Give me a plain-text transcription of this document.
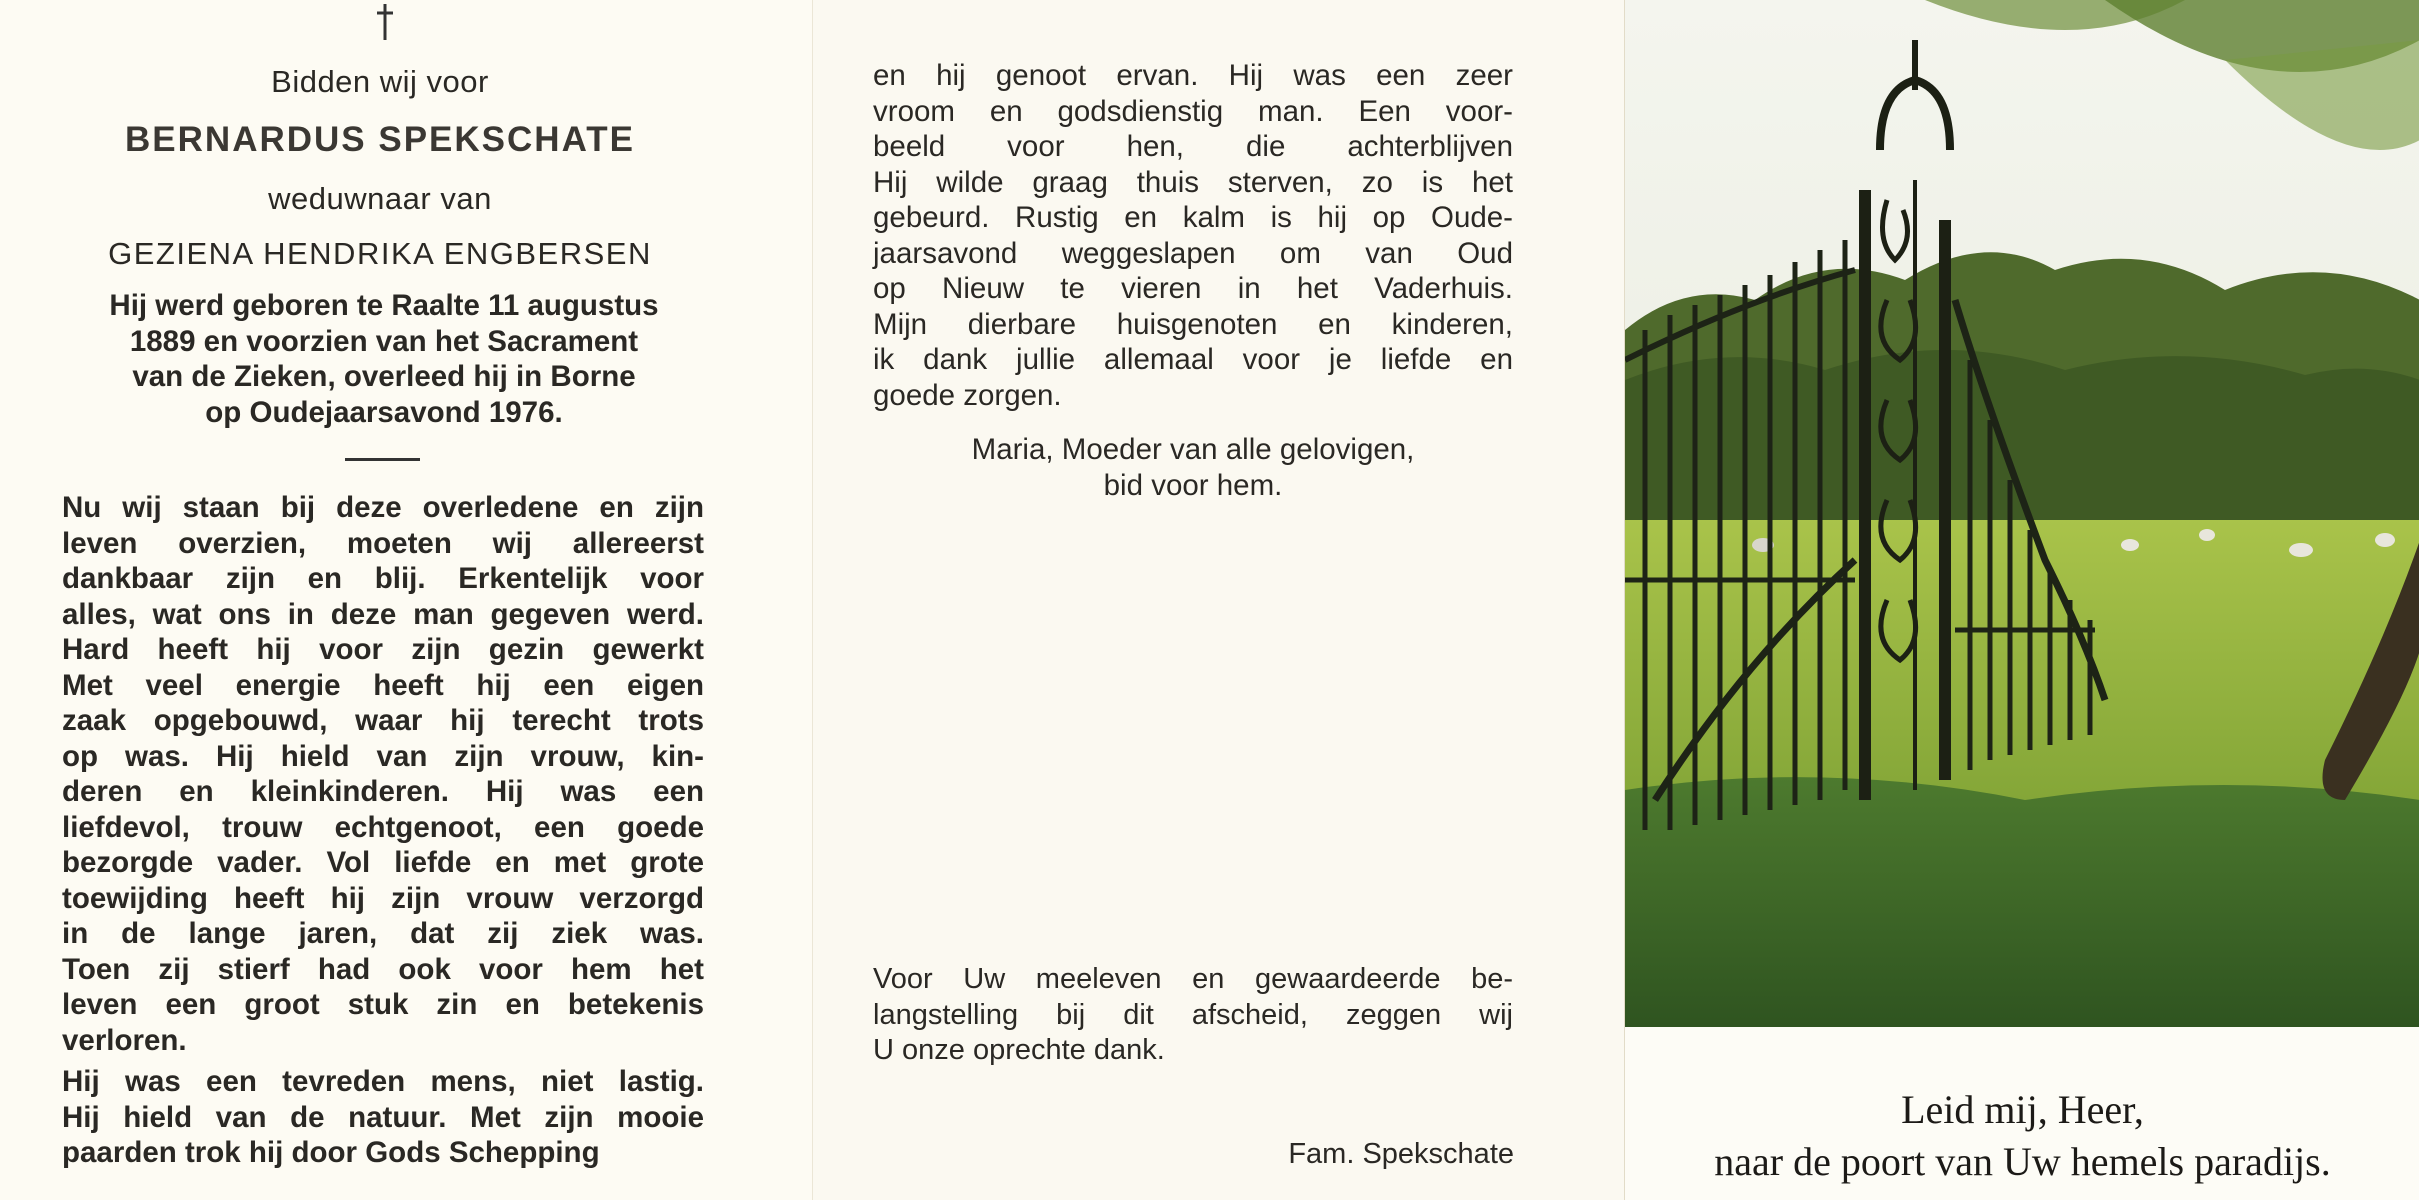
Bidden wij voor
BERNARDUS SPEKSCHATE
weduwnaar van
GEZIENA HENDRIKA ENGBERSEN
Hij werd geboren te Raalte 11 augustus
1889 en voorzien van het Sacrament
van de Zieken, overleed hij in Borne
op Oudejaarsavond 1976.
Nu wij staan bij deze overledene en zijn
leven overzien, moeten wij allereerst
dankbaar zijn en blij. Erkentelijk voor
alles, wat ons in deze man gegeven werd.
Hard heeft hij voor zijn gezin gewerkt
Met veel energie heeft hij een eigen
zaak opgebouwd, waar hij terecht trots
op was. Hij hield van zijn vrouw, kin-
deren en kleinkinderen. Hij was een
liefdevol, trouw echtgenoot, een goede
bezorgde vader. Vol liefde en met grote
toewijding heeft hij zijn vrouw verzorgd
in de lange jaren, dat zij ziek was.
Toen zij stierf had ook voor hem het
leven een groot stuk zin en betekenis
verloren.
Hij was een tevreden mens, niet lastig.
Hij hield van de natuur. Met zijn mooie
paarden trok hij door Gods Schepping
en hij genoot ervan. Hij was een zeer
vroom en godsdienstig man. Een voor-
beeld voor hen, die achterblijven
Hij wilde graag thuis sterven, zo is het
gebeurd. Rustig en kalm is hij op Oude-
jaarsavond weggeslapen om van Oud
op Nieuw te vieren in het Vaderhuis.
Mijn dierbare huisgenoten en kinderen,
ik dank jullie allemaal voor je liefde en
goede zorgen.
Maria, Moeder van alle gelovigen,
bid voor hem.
Voor Uw meeleven en gewaardeerde be-
langstelling bij dit afscheid, zeggen wij
U onze oprechte dank.
Fam. Spekschate
Leid mij, Heer,
naar de poort van Uw hemels paradijs.
